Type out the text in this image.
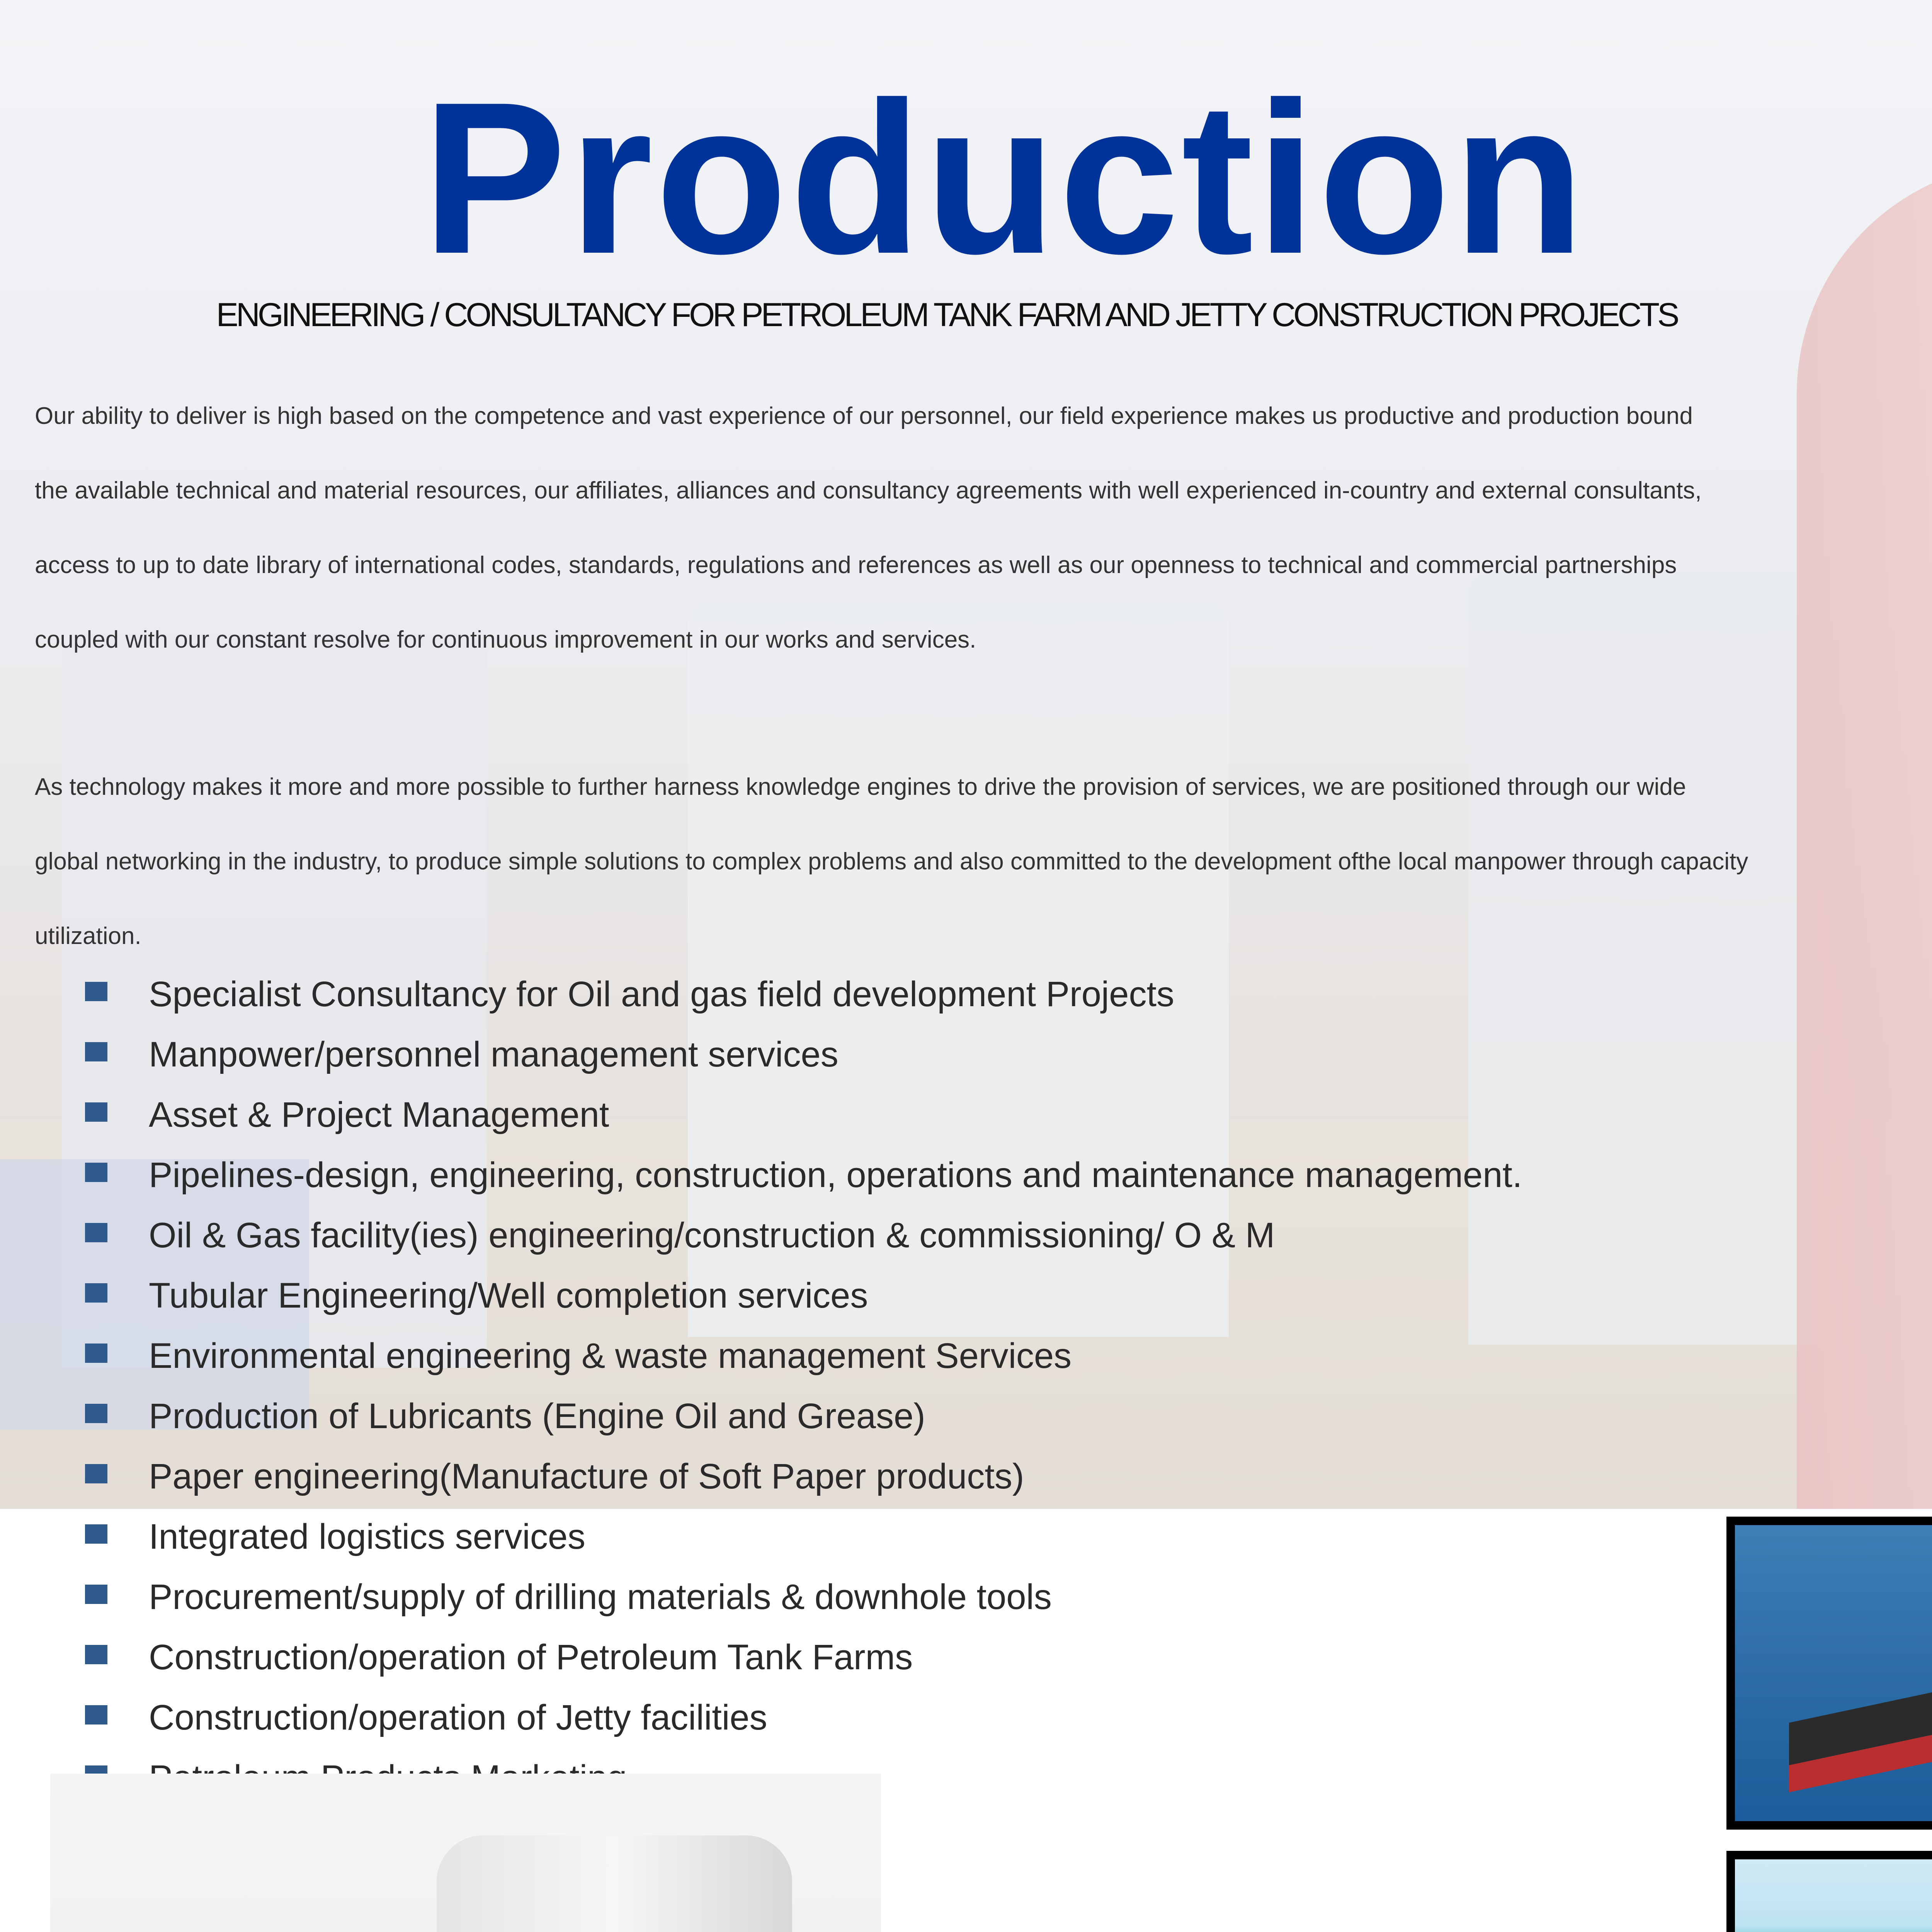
Production
ENGINEERING / CONSULTANCY FOR PETROLEUM TANK FARM AND JETTY CONSTRUCTION PROJECTS

Our ability to deliver is high based on the competence and vast experience of our personnel, our field experience makes us productive and production bound

the available technical and material resources, our affiliates, alliances and consultancy agreements with well experienced in-country and external consultants,

access to up to date library of international codes, standards, regulations and references as well as our openness to technical and commercial partnerships

coupled with our constant resolve for continuous improvement in our works and services.

As technology makes it more and more possible to further harness knowledge engines to drive the provision of services, we are positioned through our wide

global networking in the industry, to produce simple solutions to complex problems and also committed to the development ofthe local manpower through capacity

utilization.

Specialist Consultancy for Oil and gas field development Projects
Manpower/personnel management services
Asset & Project Management
Pipelines-design, engineering, construction, operations and maintenance management.
Oil & Gas facility(ies) engineering/construction & commissioning/ O & M
Tubular Engineering/Well completion services
Environmental engineering & waste management Services
Production of Lubricants (Engine Oil and Grease)
Paper engineering(Manufacture of Soft Paper products)
Integrated logistics services
Procurement/supply of drilling materials & downhole tools
Construction/operation of Petroleum Tank Farms
Construction/operation of Jetty facilities
